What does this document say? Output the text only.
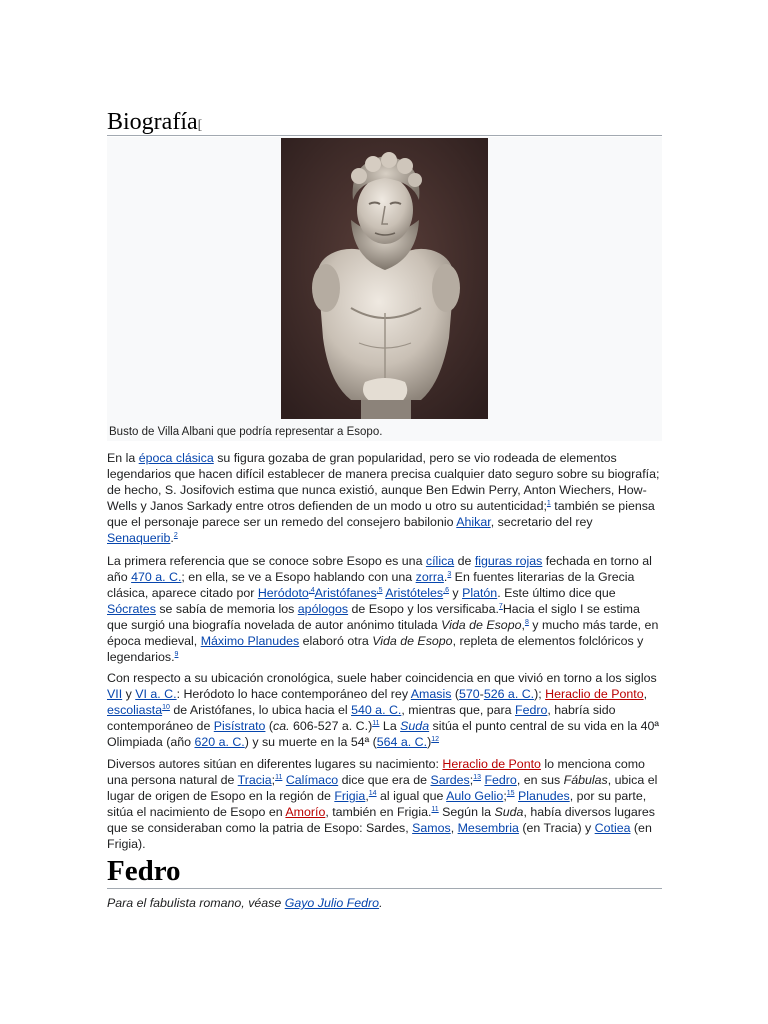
Biografía[
Busto de Villa Albani que podría representar a Esopo.

En la época clásica su figura gozaba de gran popularidad, pero se vio rodeada de elementos legendarios que hacen difícil establecer de manera precisa cualquier dato seguro sobre su biografía; de hecho, S. Josifovich estima que nunca existió, aunque Ben Edwin Perry, Anton Wiechers, How-Wells y Janos Sarkady entre otros defienden de un modo u otro su autenticidad;$^1$ también se piensa que el personaje parece ser un remedo del consejero babilonio Ahikar, secretario del rey Senaquerib.$^2$

La primera referencia que se conoce sobre Esopo es una cílica de figuras rojas fechada en torno al año 470 a. C.; en ella, se ve a Esopo hablando con una zorra.$^3$ En fuentes literarias de la Grecia clásica, aparece citado por Heródoto$^{,4}$Aristófanes$^{,5}$ Aristóteles$^{,6}$ y Platón. Este último dice que Sócrates se sabía de memoria los apólogos de Esopo y los versificaba.$^7$Hacia el siglo I se estima que surgió una biografía novelada de autor anónimo titulada Vida de Esopo,$^8$ y mucho más tarde, en época medieval, Máximo Planudes elaboró otra Vida de Esopo, repleta de elementos folclóricos y legendarios.$^9$

Con respecto a su ubicación cronológica, suele haber coincidencia en que vivió en torno a los siglos VII y VI a. C.: Heródoto lo hace contemporáneo del rey Amasis (570-526 a. C.); Heraclio de Ponto, escoliasta$^{10}$ de Aristófanes, lo ubica hacia el 540 a. C., mientras que, para Fedro, habría sido contemporáneo de Pisístrato (ca. 606-527 a. C.)$^{11}$ La Suda sitúa el punto central de su vida en la 40ª Olimpiada (año 620 a. C.) y su muerte en la 54ª (564 a. C.)$^{12}$

Diversos autores sitúan en diferentes lugares su nacimiento: Heraclio de Ponto lo menciona como una persona natural de Tracia;$^{11}$ Calímaco dice que era de Sardes;$^{13}$ Fedro, en sus Fábulas, ubica el lugar de origen de Esopo en la región de Frigia,$^{14}$ al igual que Aulo Gelio;$^{15}$ Planudes, por su parte, sitúa el nacimiento de Esopo en Amorío, también en Frigia.$^{11}$ Según la Suda, había diversos lugares que se consideraban como la patria de Esopo: Sardes, Samos, Mesembria (en Tracia) y Cotiea (en Frigia).

Fedro
Para el fabulista romano, véase Gayo Julio Fedro.
